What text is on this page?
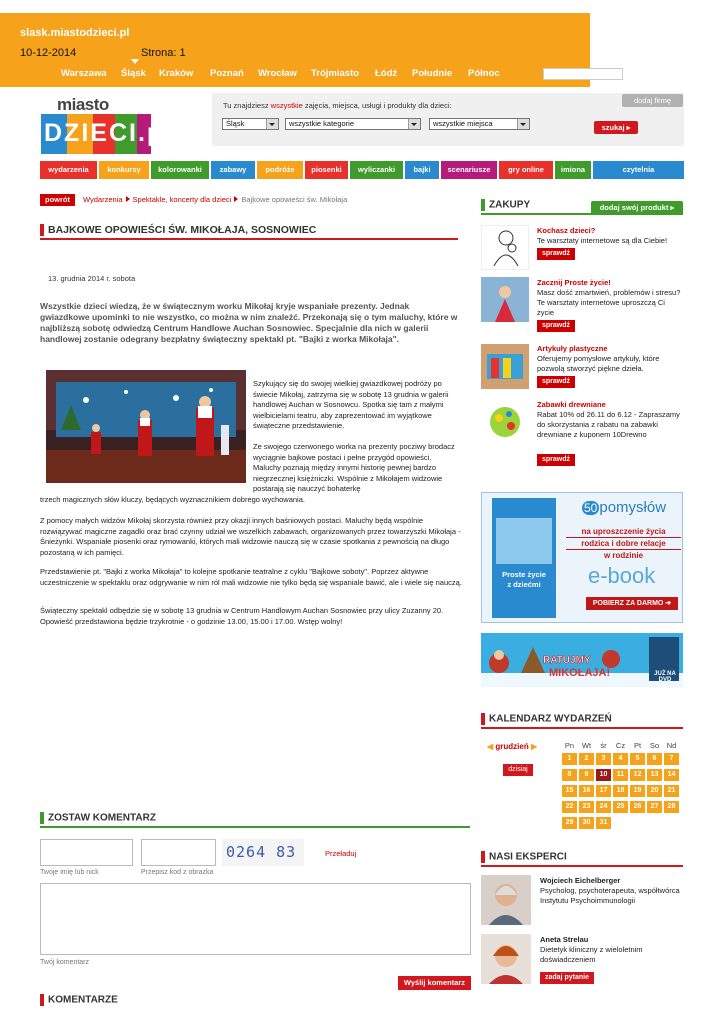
slask.miastodzieci.pl
10-12-2014	Strona: 1
Warszawa Śląsk Kraków Poznań Wrocław Trójmiasto Łódź Południe Północ	szukaj □
miasto
DZIECI.pl
Tu znajdziesz wszystkie zajęcia, miejsca, usługi i produkty dla dzieci:
Śląsk	wszystkie kategorie	wszystkie miejsca
dodaj firmę
szukaj ▸
wydarzenia	konkursy	kolorowanki	zabawy	podróże	piosenki	wyliczanki	bajki	scenariusze	gry online	imiona	czytelnia
powrót Wydarzenia Spektakle, koncerty dla dzieci Bajkowe opowieści św. Mikołaja
BAJKOWE OPOWIEŚCI ŚW. MIKOŁAJA, SOSNOWIEC
13. grudnia 2014 r. sobota
Wszystkie dzieci wiedzą, że w świątecznym worku Mikołaj kryje wspaniałe prezenty. Jednak gwiazdkowe upominki to nie wszystko, co można w nim znaleźć. Przekonają się o tym maluchy, które w najbliższą sobotę odwiedzą Centrum Handlowe Auchan Sosnowiec. Specjalnie dla nich w galerii handlowej zostanie odegrany bezpłatny świąteczny spektakl pt. "Bajki z worka Mikołaja".
Szykujący się do swojej wielkiej gwiazdkowej podróży po świecie Mikołaj, zatrzyma się w sobotę 13 grudnia w galerii handlowej Auchan w Sosnowcu. Spotka się tam z małymi wielbicielami teatru, aby zaprezentować im wyjątkowe świąteczne przedstawienie.
Ze swojego czerwonego worka na prezenty pocziwy brodacz wyciągnie bajkowe postaci i pełne przygód opowieści. Maluchy poznają między innymi historię pewnej bardzo niegrzecznej księżniczki. Wspólnie z Mikołajem widzowie postarają się nauczyć bohaterkę
trzech magicznych słów kluczy, będących wyznacznikiem dobrego wychowania.
Z pomocy małych widzów Mikołaj skorzysta również przy okazji innych baśniowych postaci. Maluchy będą wspólnie rozwiązywać magiczne zagadki oraz brać czynny udział we wszelkich zabawach, organizowanych przez towarzyszki Mikołaja - Śnieżynki. Wspaniałe piosenki oraz rymowanki, których mali widzowie nauczą się w czasie spotkania z pewnością na długo pozostaną w ich pamięci.
Przedstawienie pt. "Bajki z worka Mikołaja" to kolejne spotkanie teatralne z cyklu "Bajkowe soboty". Poprzez aktywne uczestniczenie w spektaklu oraz odgrywanie w nim ról mali widzowie nie tylko będą się wspaniale bawić, ale i wiele się nauczą.
Świąteczny spektakl odbędzie się w sobotę 13 grudnia w Centrum Handlowym Auchan Sosnowiec przy ulicy Zuzanny 20. Opowieść przedstawiona będzie trzykrotnie - o godzinie 13.00, 15.00 i 17.00. Wstęp wolny!
ZOSTAW KOMENTARZ
Twoje imię lub nick	Przepisz kod z obrazka
0264 83	Przeładuj
Twój komentarz
Wyślij komentarz
KOMENTARZE
ZAKUPY	dodaj swój produkt ▸
Kochasz dzieci?
Te warsztaty internetowe są dla Ciebie!
sprawdź
Zacznij Proste życie!
Masz dość zmartwień, problemów i stresu? Te warsztaty internetowe uproszczą Ci życie
sprawdź
Artykuły plastyczne
Oferujemy pomysłowe artykuły, które pozwolą stworzyć piękne dzieła.
sprawdź
Zabawki drewniane
Rabat 10% od 26.11 do 6.12 - Zapraszamy do skorzystania z rabatu na zabawki drewniane z kuponem 10Drewno
sprawdź
Proste życie
z dziećmi
50 pomysłów
na uproszczenie życia
rodzica i dobre relacje
w rodzinie
e-book
POBIERZ ZA DARMO ➔
RATUJMY
MIKOŁAJA!	JUŻ NA DVD
KALENDARZ WYDARZEŃ
◀ grudzień ▶
dzisiaj
Pn	Wt	śr	Cz	Pt	So	Nd
1	2	3	4	5	6	7
8	9	10	11	12	13	14
15	16	17	18	19	20	21
22	23	24	25	26	27	28
29	30	31
NASI EKSPERCI
Wojciech Eichelberger
Psycholog, psychoterapeuta, współtwórca Instytutu Psychoimmunologii
Aneta Strelau
Dietetyk kliniczny z wieloletnim doświadczeniem
zadaj pytanie
